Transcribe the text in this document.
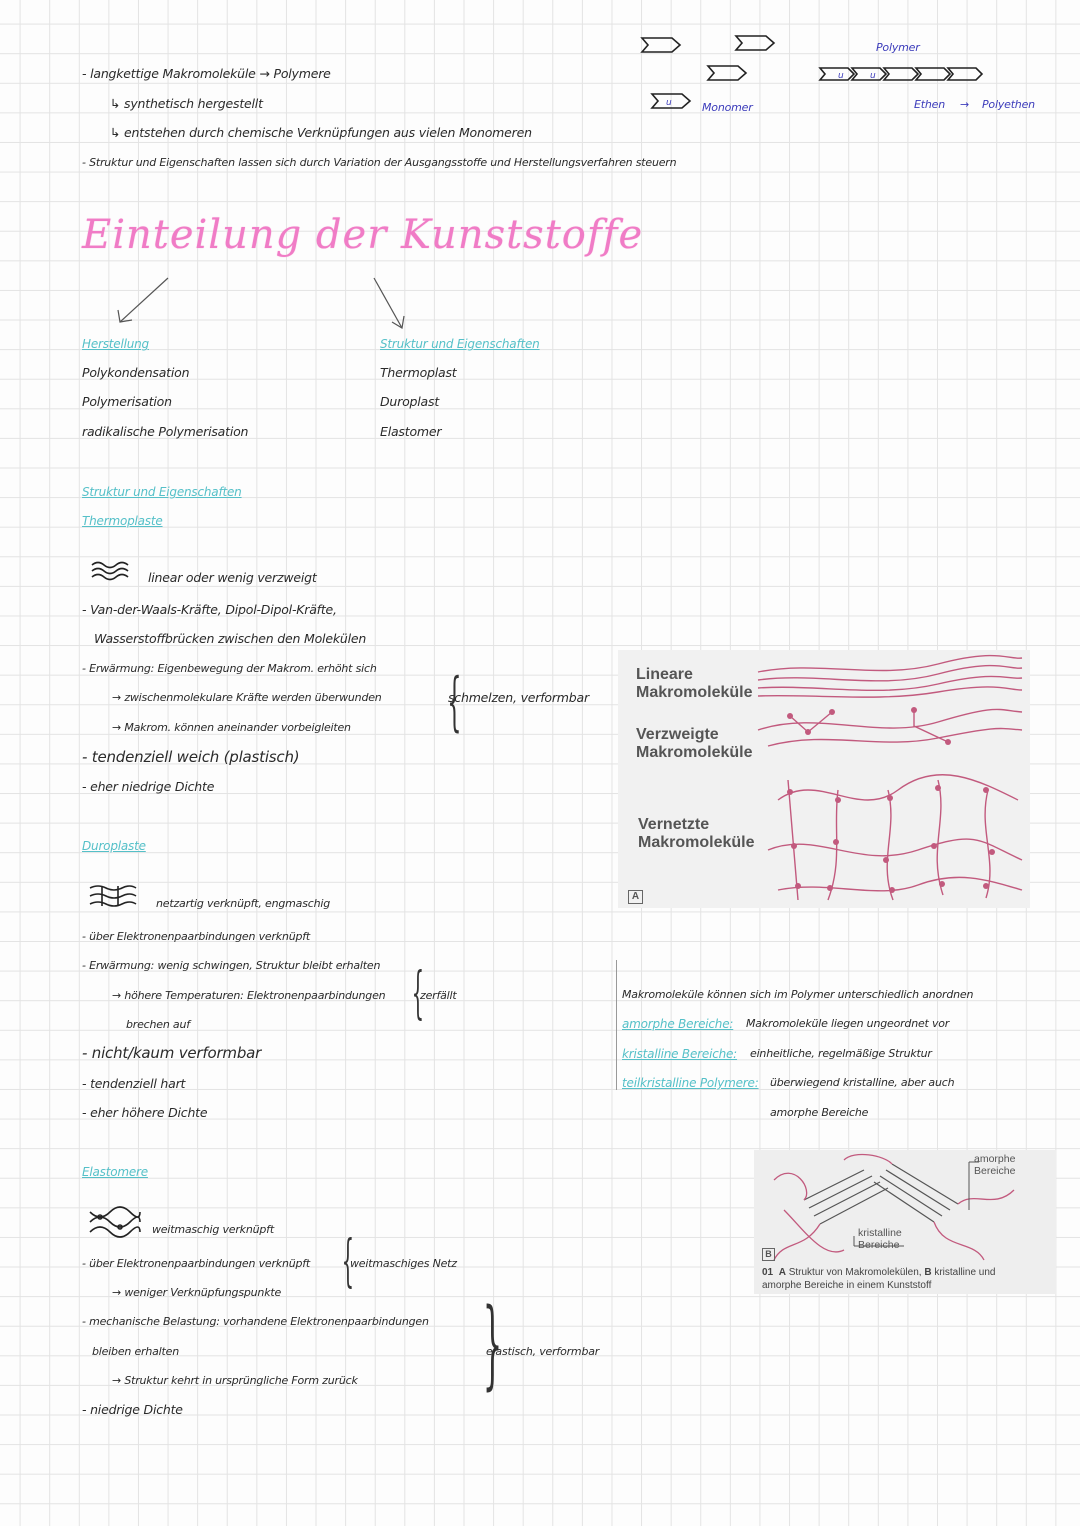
- langkettige Makromoleküle → Polymere
↳ synthetisch hergestellt
↳ entstehen durch chemische Verknüpfungen aus vielen Monomeren
- Struktur und Eigenschaften lassen sich durch Variation der Ausgangsstoffe und Herstellungsverfahren steuern
u
u	u
Monomer
Polymer
Ethen → Polyethen
Einteilung der Kunststoffe
Herstellung
Polykondensation
Polymerisation
radikalische Polymerisation
Struktur und Eigenschaften
Thermoplast
Duroplast
Elastomer
Struktur und Eigenschaften
Thermoplaste
linear oder wenig verzweigt
- Van-der-Waals-Kräfte, Dipol-Dipol-Kräfte,
Wasserstoffbrücken zwischen den Molekülen
- Erwärmung: Eigenbewegung der Makrom. erhöht sich
→ zwischenmolekulare Kräfte werden überwunden
→ Makrom. können aneinander vorbeigleiten {
schmelzen, verformbar
- tendenziell weich (plastisch)
- eher niedrige Dichte
Duroplaste
netzartig verknüpft, engmaschig
- über Elektronenpaarbindungen verknüpft
- Erwärmung: wenig schwingen, Struktur bleibt erhalten
→ höhere Temperaturen: Elektronenpaarbindungen
brechen auf	{
zerfällt
- nicht/kaum verformbar
- tendenziell hart
- eher höhere Dichte
Elastomere
weitmaschig verknüpft
- über Elektronenpaarbindungen verknüpft
→ weniger Verknüpfungspunkte {
weitmaschiges Netz
- mechanische Belastung: vorhandene Elektronenpaarbindungen
bleiben erhalten
→ Struktur kehrt in ursprüngliche Form zurück }
elastisch, verformbar
- niedrige Dichte
Lineare
Makromoleküle
Verzweigte
Makromoleküle
Vernetzte
Makromoleküle
A
Makromoleküle können sich im Polymer unterschiedlich anordnen
amorphe Bereiche: Makromoleküle liegen ungeordnet vor
kristalline Bereiche: einheitliche, regelmäßige Struktur
teilkristalline Polymere: überwiegend kristalline, aber auch
amorphe Bereiche
amorphe
Bereiche
kristalline
Bereiche
B
01 A Struktur von Makromolekülen, B kristalline und
amorphe Bereiche in einem Kunststoff
